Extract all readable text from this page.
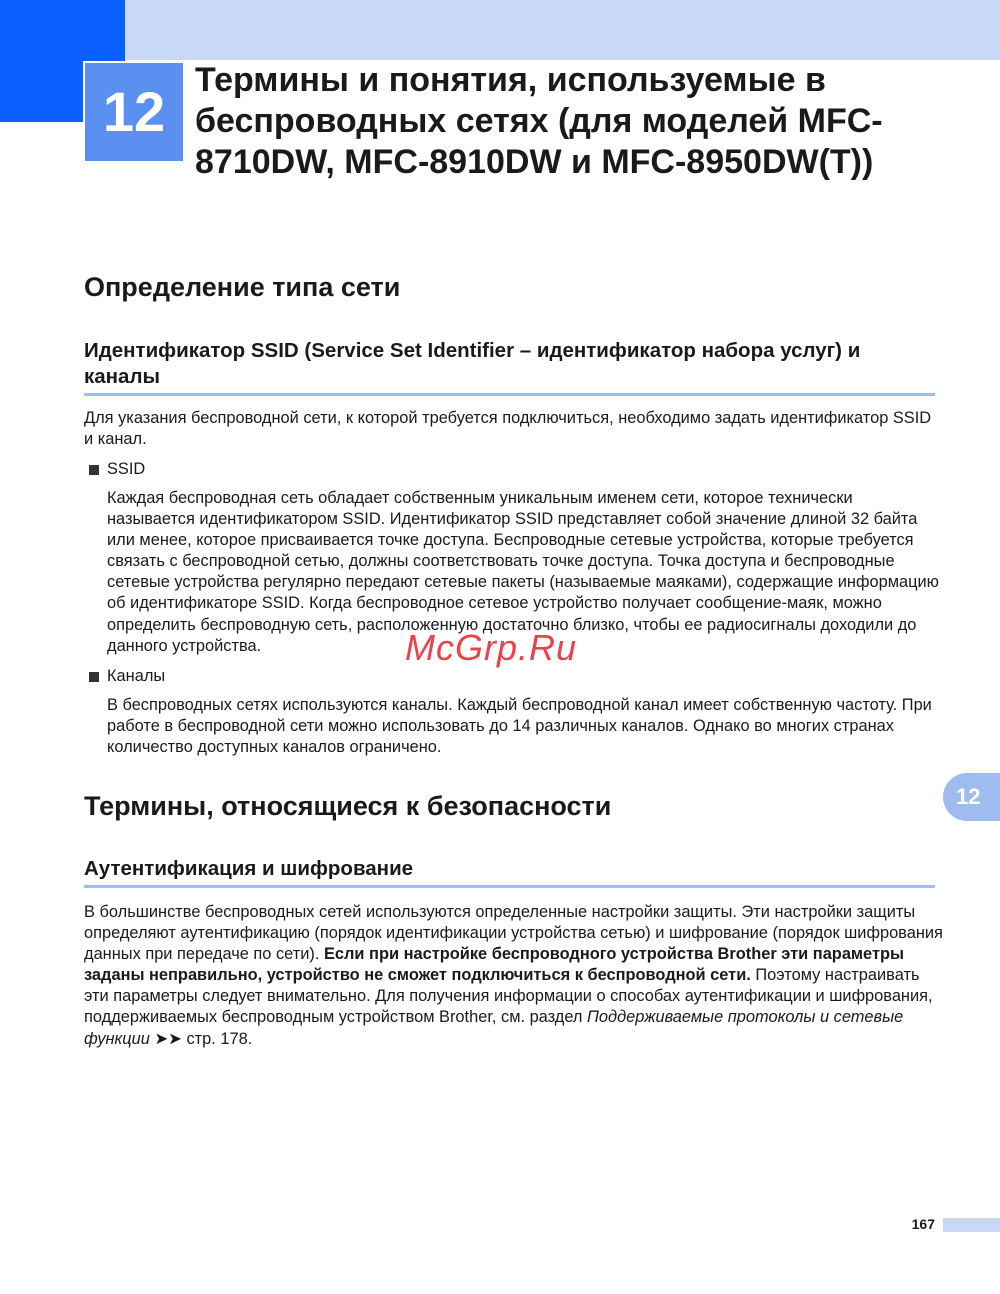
12 Термины и понятия, используемые в беспроводных сетях (для моделей MFC-8710DW, MFC-8910DW и MFC-8950DW(T))
Определение типа сети
Идентификатор SSID (Service Set Identifier – идентификатор набора услуг) и каналы

Для указания беспроводной сети, к которой требуется подключиться, необходимо задать идентификатор SSID и канал.

SSID

Каждая беспроводная сеть обладает собственным уникальным именем сети, которое технически называется идентификатором SSID. Идентификатор SSID представляет собой значение длиной 32 байта или менее, которое присваивается точке доступа. Беспроводные сетевые устройства, которые требуется связать с беспроводной сетью, должны соответствовать точке доступа. Точка доступа и беспроводные сетевые устройства регулярно передают сетевые пакеты (называемые маяками), содержащие информацию об идентификаторе SSID. Когда беспроводное сетевое устройство получает сообщение-маяк, можно определить беспроводную сеть, расположенную достаточно близко, чтобы ее радиосигналы доходили до данного устройства.

Каналы

В беспроводных сетях используются каналы. Каждый беспроводной канал имеет собственную частоту. При работе в беспроводной сети можно использовать до 14 различных каналов. Однако во многих странах количество доступных каналов ограничено.

Термины, относящиеся к безопасности	12
Аутентификация и шифрование

В большинстве беспроводных сетей используются определенные настройки защиты. Эти настройки защиты определяют аутентификацию (порядок идентификации устройства сетью) и шифрование (порядок шифрования данных при передаче по сети). Если при настройке беспроводного устройства Brother эти параметры заданы неправильно, устройство не сможет подключиться к беспроводной сети. Поэтому настраивать эти параметры следует внимательно. Для получения информации о способах аутентификации и шифрования, поддерживаемых беспроводным устройством Brother, см. раздел Поддерживаемые протоколы и сетевые функции ➤➤ стр. 178.

McGrp.Ru
167
